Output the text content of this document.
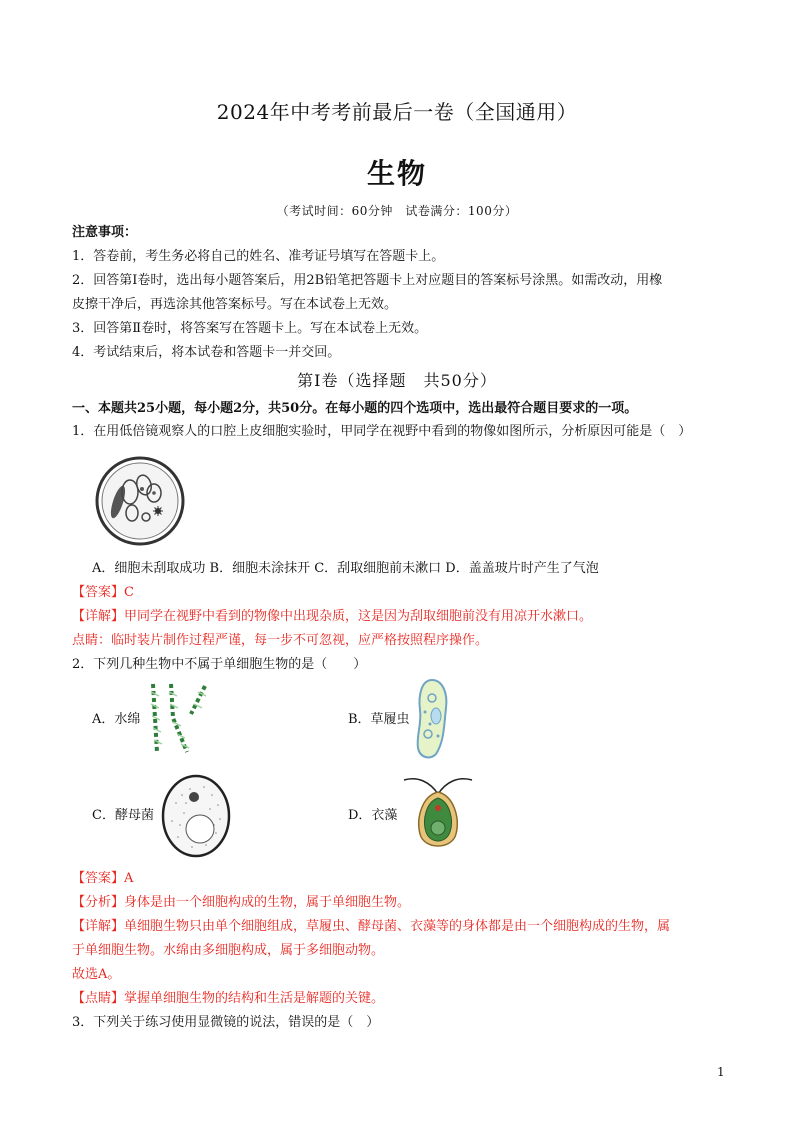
2024年中考考前最后一卷（全国通用）
生物
（考试时间：60分钟　试卷满分：100分）
注意事项：
1．答卷前，考生务必将自己的姓名、准考证号填写在答题卡上。
2．回答第Ⅰ卷时，选出每小题答案后，用2B铅笔把答题卡上对应题目的答案标号涂黑。如需改动，用橡
皮擦干净后，再选涂其他答案标号。写在本试卷上无效。
3．回答第Ⅱ卷时，将答案写在答题卡上。写在本试卷上无效。
4．考试结束后，将本试卷和答题卡一并交回。
第Ⅰ卷（选择题　共50分）
一、本题共25小题，每小题2分，共50分。在每小题的四个选项中，选出最符合题目要求的一项。
1．在用低倍镜观察人的口腔上皮细胞实验时，甲同学在视野中看到的物像如图所示，分析原因可能是（　）
A．细胞未刮取成功 B．细胞未涂抹开 C．刮取细胞前未漱口 D．盖盖玻片时产生了气泡
【答案】C
【详解】甲同学在视野中看到的物像中出现杂质，这是因为刮取细胞前没有用凉开水漱口。
点睛：临时装片制作过程严谨，每一步不可忽视，应严格按照程序操作。
2．下列几种生物中不属于单细胞生物的是（　　）
A．水绵	B．草履虫
C．酵母菌	D．衣藻
【答案】A
【分析】身体是由一个细胞构成的生物，属于单细胞生物。
【详解】单细胞生物只由单个细胞组成，草履虫、酵母菌、衣藻等的身体都是由一个细胞构成的生物，属
于单细胞生物。水绵由多细胞构成，属于多细胞动物。
故选A。
【点睛】掌握单细胞生物的结构和生活是解题的关键。
3．下列关于练习使用显微镜的说法，错误的是（　）
1
